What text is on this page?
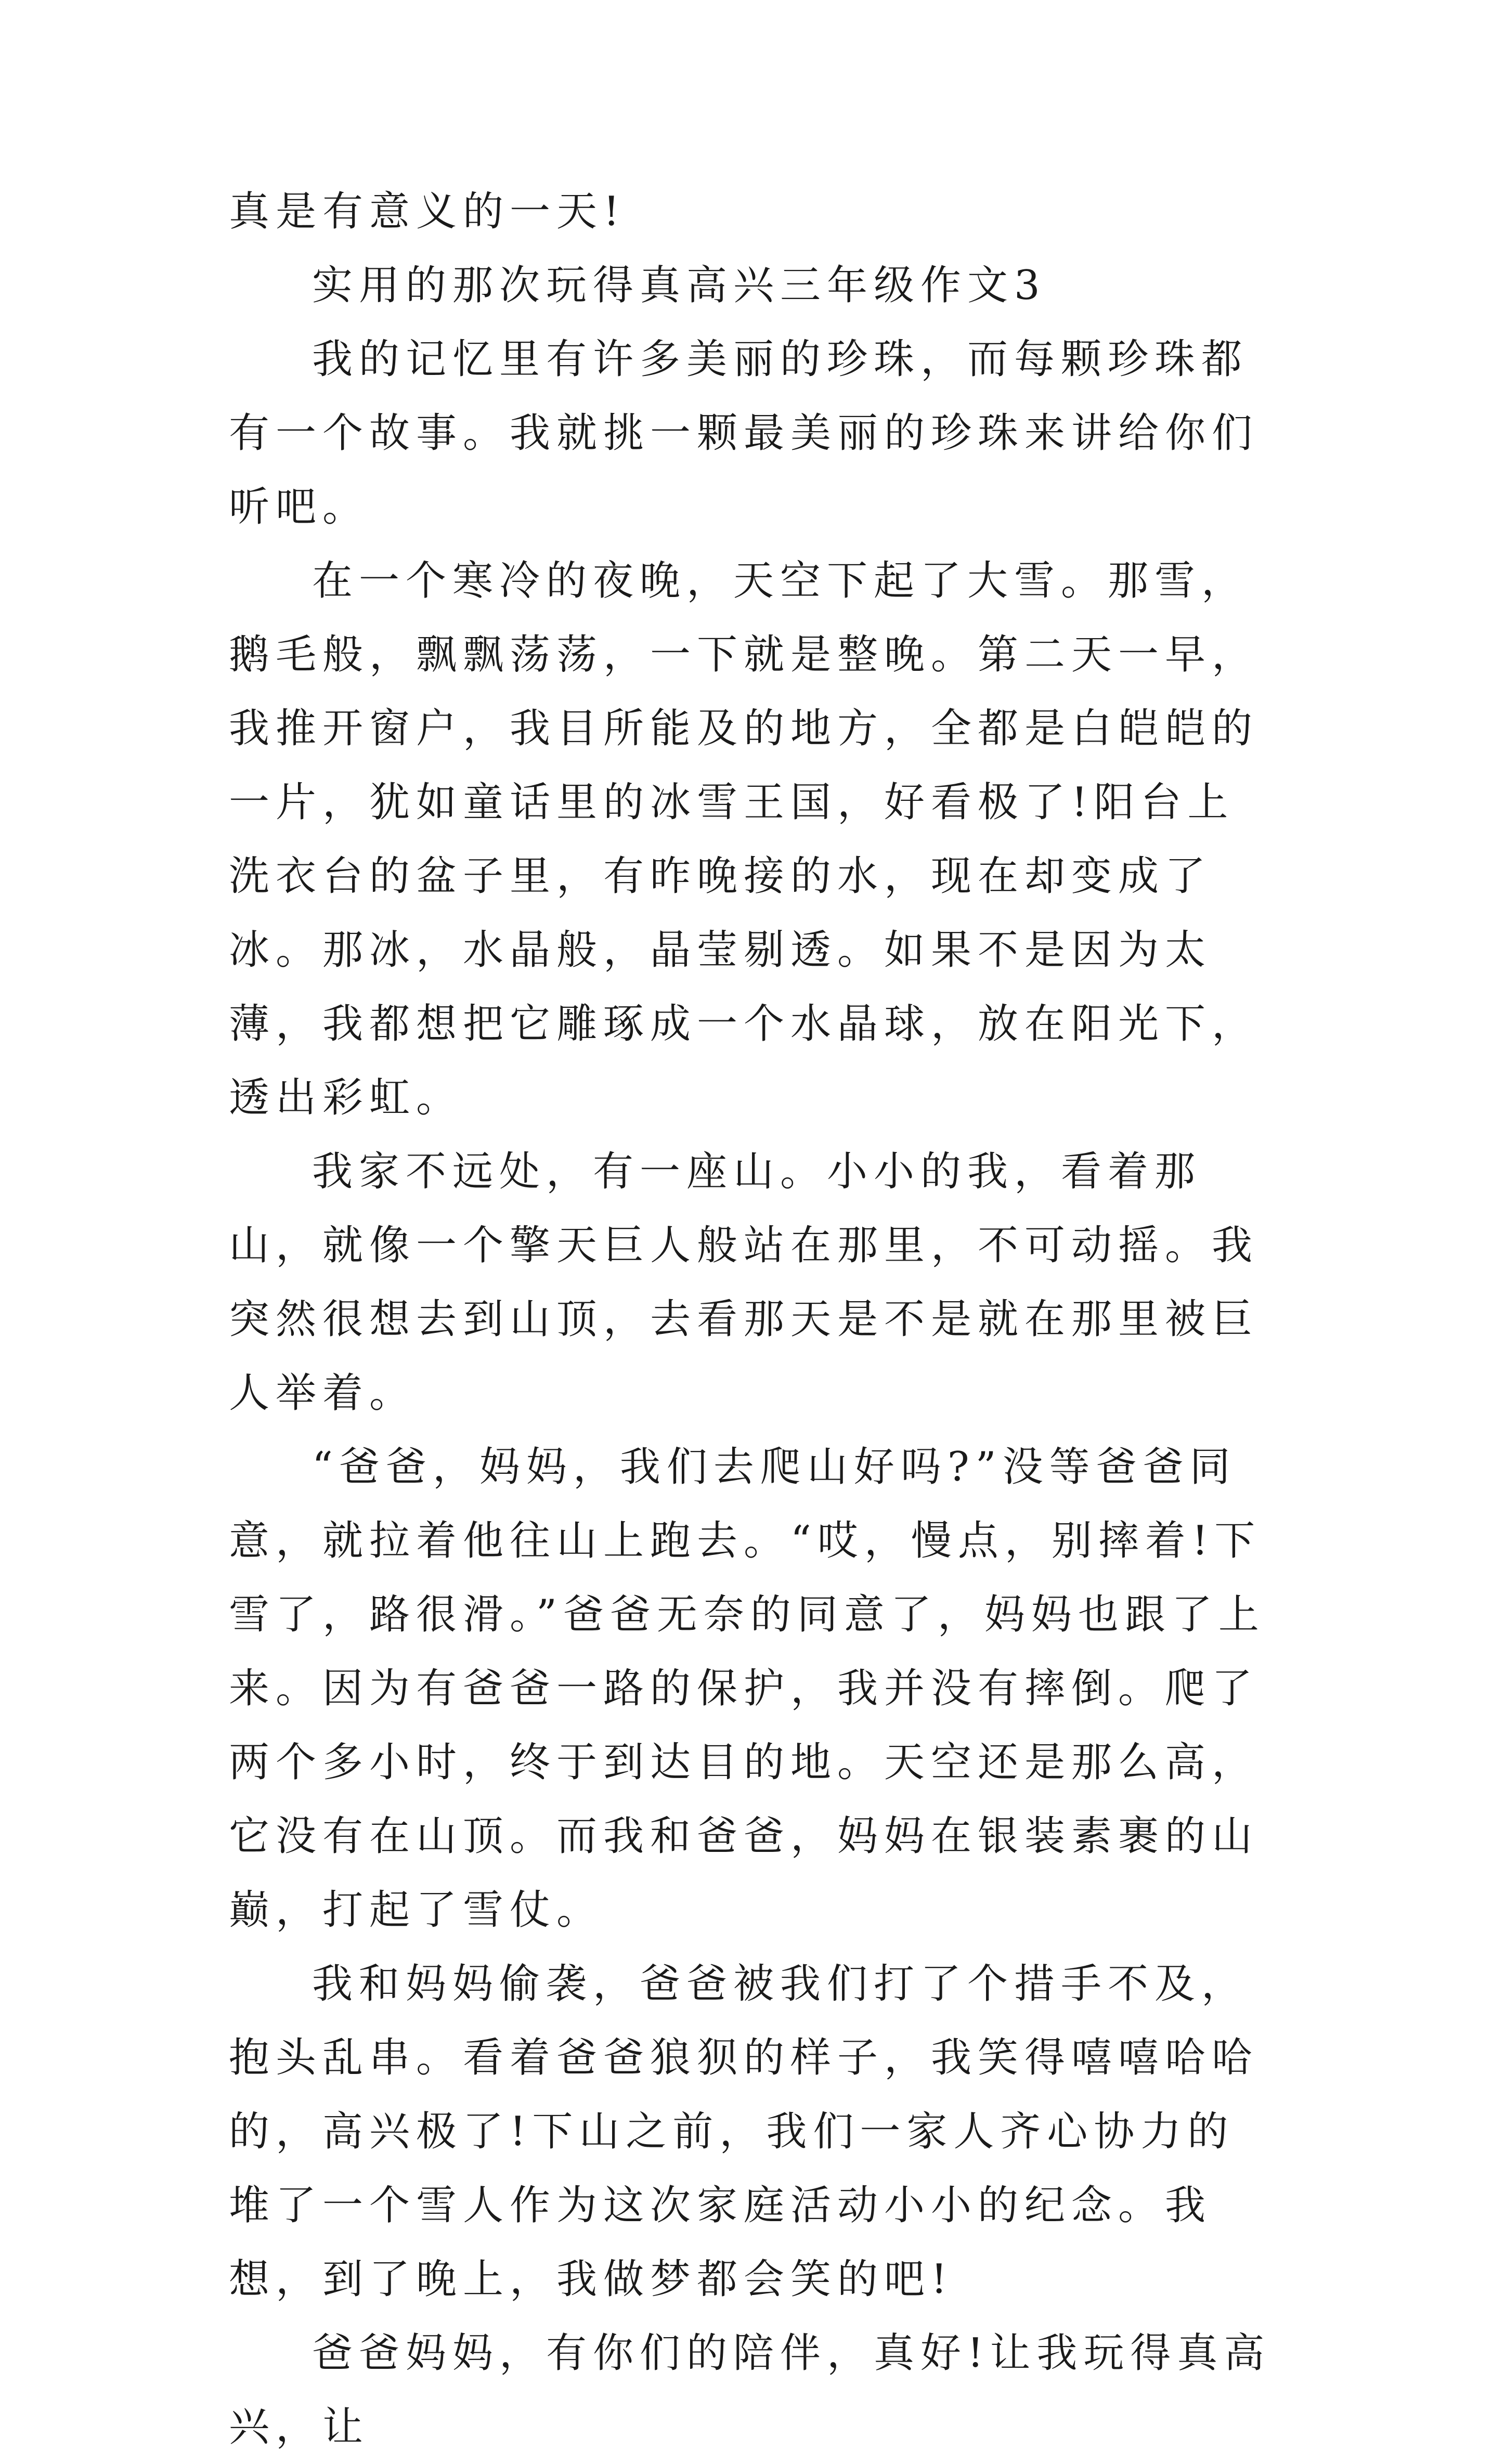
真是有意义的一天!

实用的那次玩得真高兴三年级作文3

我的记忆里有许多美丽的珍珠，而每颗珍珠都有一个故事。我就挑一颗最美丽的珍珠来讲给你们听吧。

在一个寒冷的夜晚，天空下起了大雪。那雪，鹅毛般，飘飘荡荡，一下就是整晚。第二天一早，我推开窗户，我目所能及的地方，全都是白皑皑的一片，犹如童话里的冰雪王国，好看极了!阳台上洗衣台的盆子里，有昨晚接的水，现在却变成了冰。那冰，水晶般，晶莹剔透。如果不是因为太薄，我都想把它雕琢成一个水晶球，放在阳光下，透出彩虹。

我家不远处，有一座山。小小的我，看着那山，就像一个擎天巨人般站在那里，不可动摇。我突然很想去到山顶，去看那天是不是就在那里被巨人举着。

“爸爸，妈妈，我们去爬山好吗?”没等爸爸同意，就拉着他往山上跑去。“哎，慢点，别摔着!下雪了，路很滑。”爸爸无奈的同意了，妈妈也跟了上来。因为有爸爸一路的保护，我并没有摔倒。爬了两个多小时，终于到达目的地。天空还是那么高，它没有在山顶。而我和爸爸，妈妈在银装素裹的山巅，打起了雪仗。

我和妈妈偷袭，爸爸被我们打了个措手不及，抱头乱串。看着爸爸狼狈的样子，我笑得嘻嘻哈哈的，高兴极了!下山之前，我们一家人齐心协力的堆了一个雪人作为这次家庭活动小小的纪念。我想，到了晚上，我做梦都会笑的吧!

爸爸妈妈，有你们的陪伴，真好!让我玩得真高兴，让
